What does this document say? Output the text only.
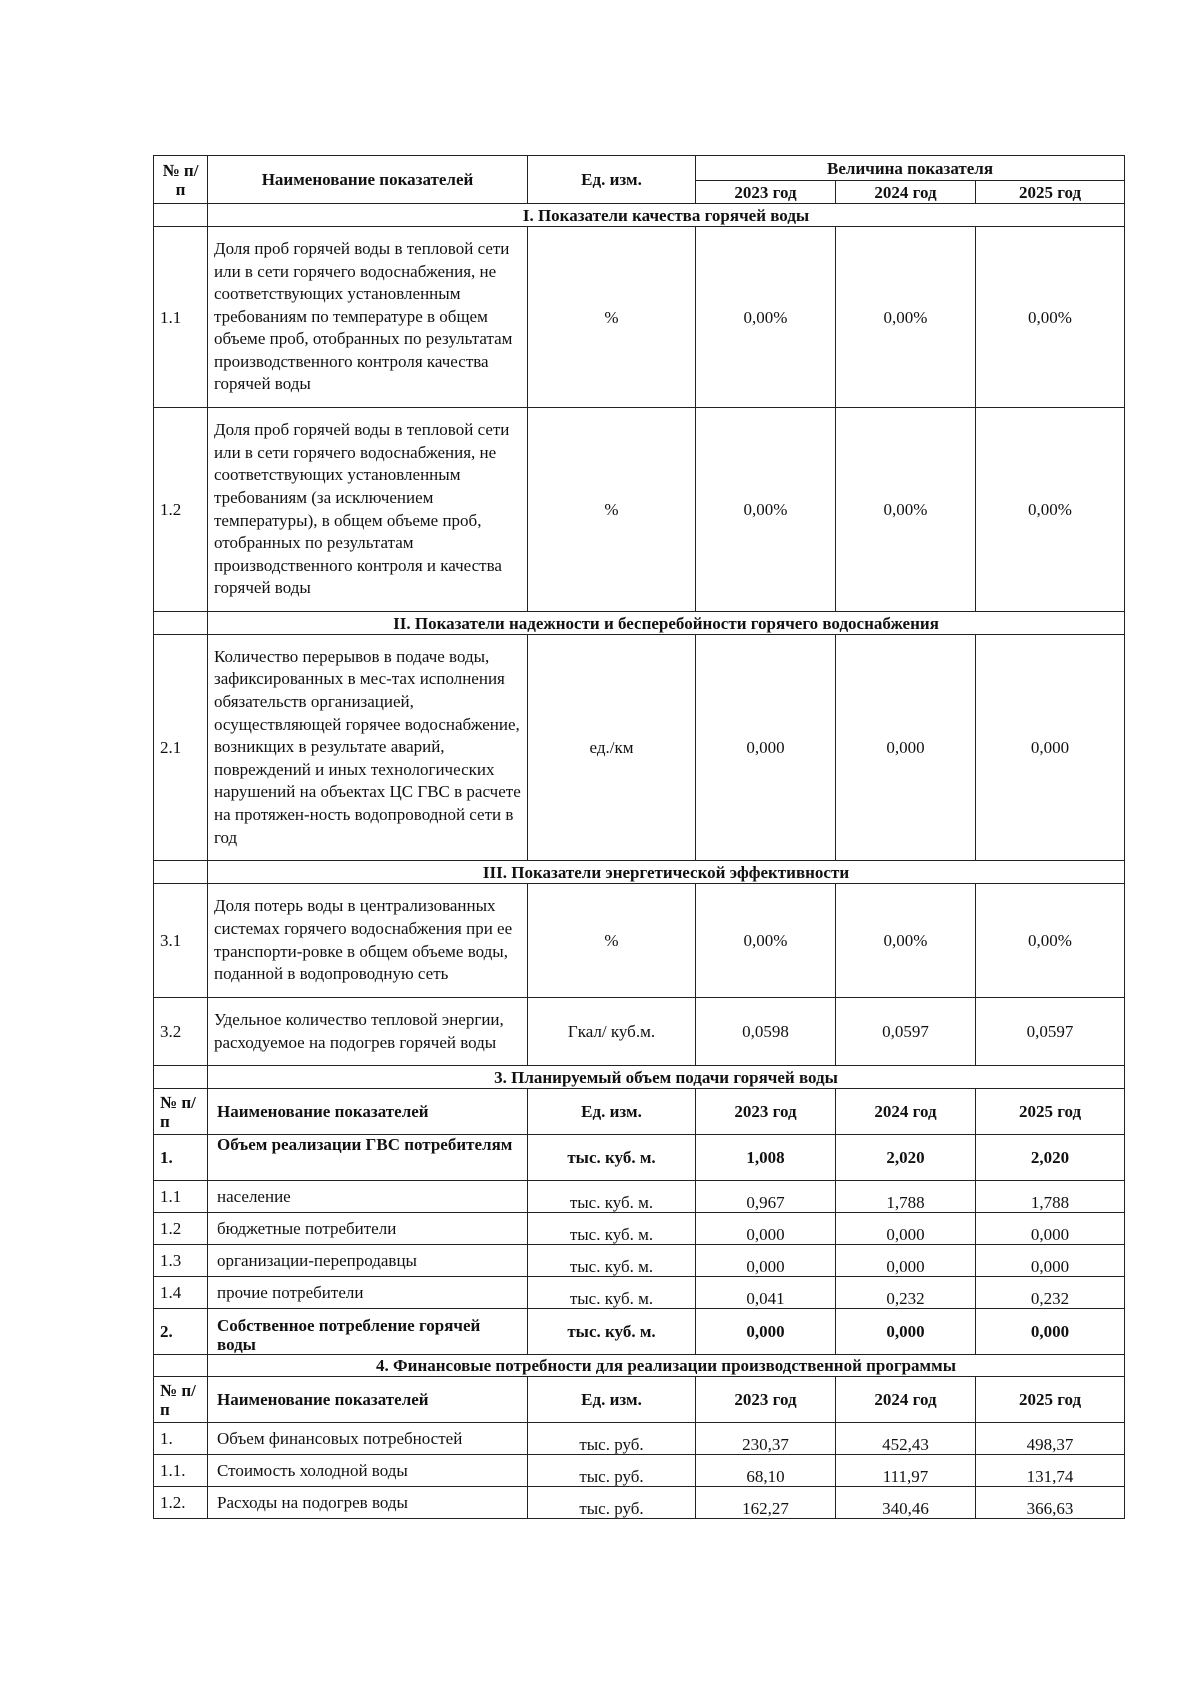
№ п/п	Наименование показателей	Ед. изм.	Величина показателя		
			2023 год	2024 год	2025 год
	I. Показатели качества горячей воды				
1.1	Доля проб горячей воды в тепловой сети или в сети горячего водоснабжения, не соответствующих установленным требованиям по температуре в общем объеме проб, отобранных по результатам производственного контроля качества горячей воды	%	0,00%	0,00%	0,00%
1.2	Доля проб горячей воды в тепловой сети или в сети горячего водоснабжения, не соответствующих установленным требованиям (за исключением температуры), в общем объеме проб, отобранных по результатам производственного контроля и качества горячей воды	%	0,00%	0,00%	0,00%
	II. Показатели надежности и бесперебойности горячего водоснабжения				
2.1	Количество перерывов в подаче воды, зафиксированных в мес-тах исполнения обязательств организацией, осуществляющей горячее водоснабжение, возникщих в результате аварий, повреждений и иных технологических нарушений на объектах ЦС ГВС в расчете на протяжен-ность водопроводной сети в год	ед./км	0,000	0,000	0,000
	III. Показатели энергетической эффективности				
3.1	Доля потерь воды в централизованных системах горячего водоснабжения при ее транспорти-ровке в общем объеме воды, поданной в водопроводную сеть	%	0,00%	0,00%	0,00%
3.2	Удельное количество тепловой энергии, расходуемое на подогрев горячей воды	Гкал/ куб.м.	0,0598	0,0597	0,0597
	3. Планируемый объем подачи горячей воды				
№ п/п	Наименование показателей	Ед. изм.	2023 год	2024 год	2025 год
1.	Объем реализации ГВС потребителям	тыс. куб. м.	1,008	2,020	2,020
1.1	население	тыс. куб. м.	0,967	1,788	1,788
1.2	бюджетные потребители	тыс. куб. м.	0,000	0,000	0,000
1.3	организации-перепродавцы	тыс. куб. м.	0,000	0,000	0,000
1.4	прочие потребители	тыс. куб. м.	0,041	0,232	0,232
2.	Собственное потребление горячей воды	тыс. куб. м.	0,000	0,000	0,000
	4. Финансовые потребности для реализации производственной программы				
№ п/п	Наименование показателей	Ед. изм.	2023 год	2024 год	2025 год
1.	Объем финансовых потребностей	тыс. руб.	230,37	452,43	498,37
1.1.	Стоимость холодной воды	тыс. руб.	68,10	111,97	131,74
1.2.	Расходы на подогрев воды	тыс. руб.	162,27	340,46	366,63
